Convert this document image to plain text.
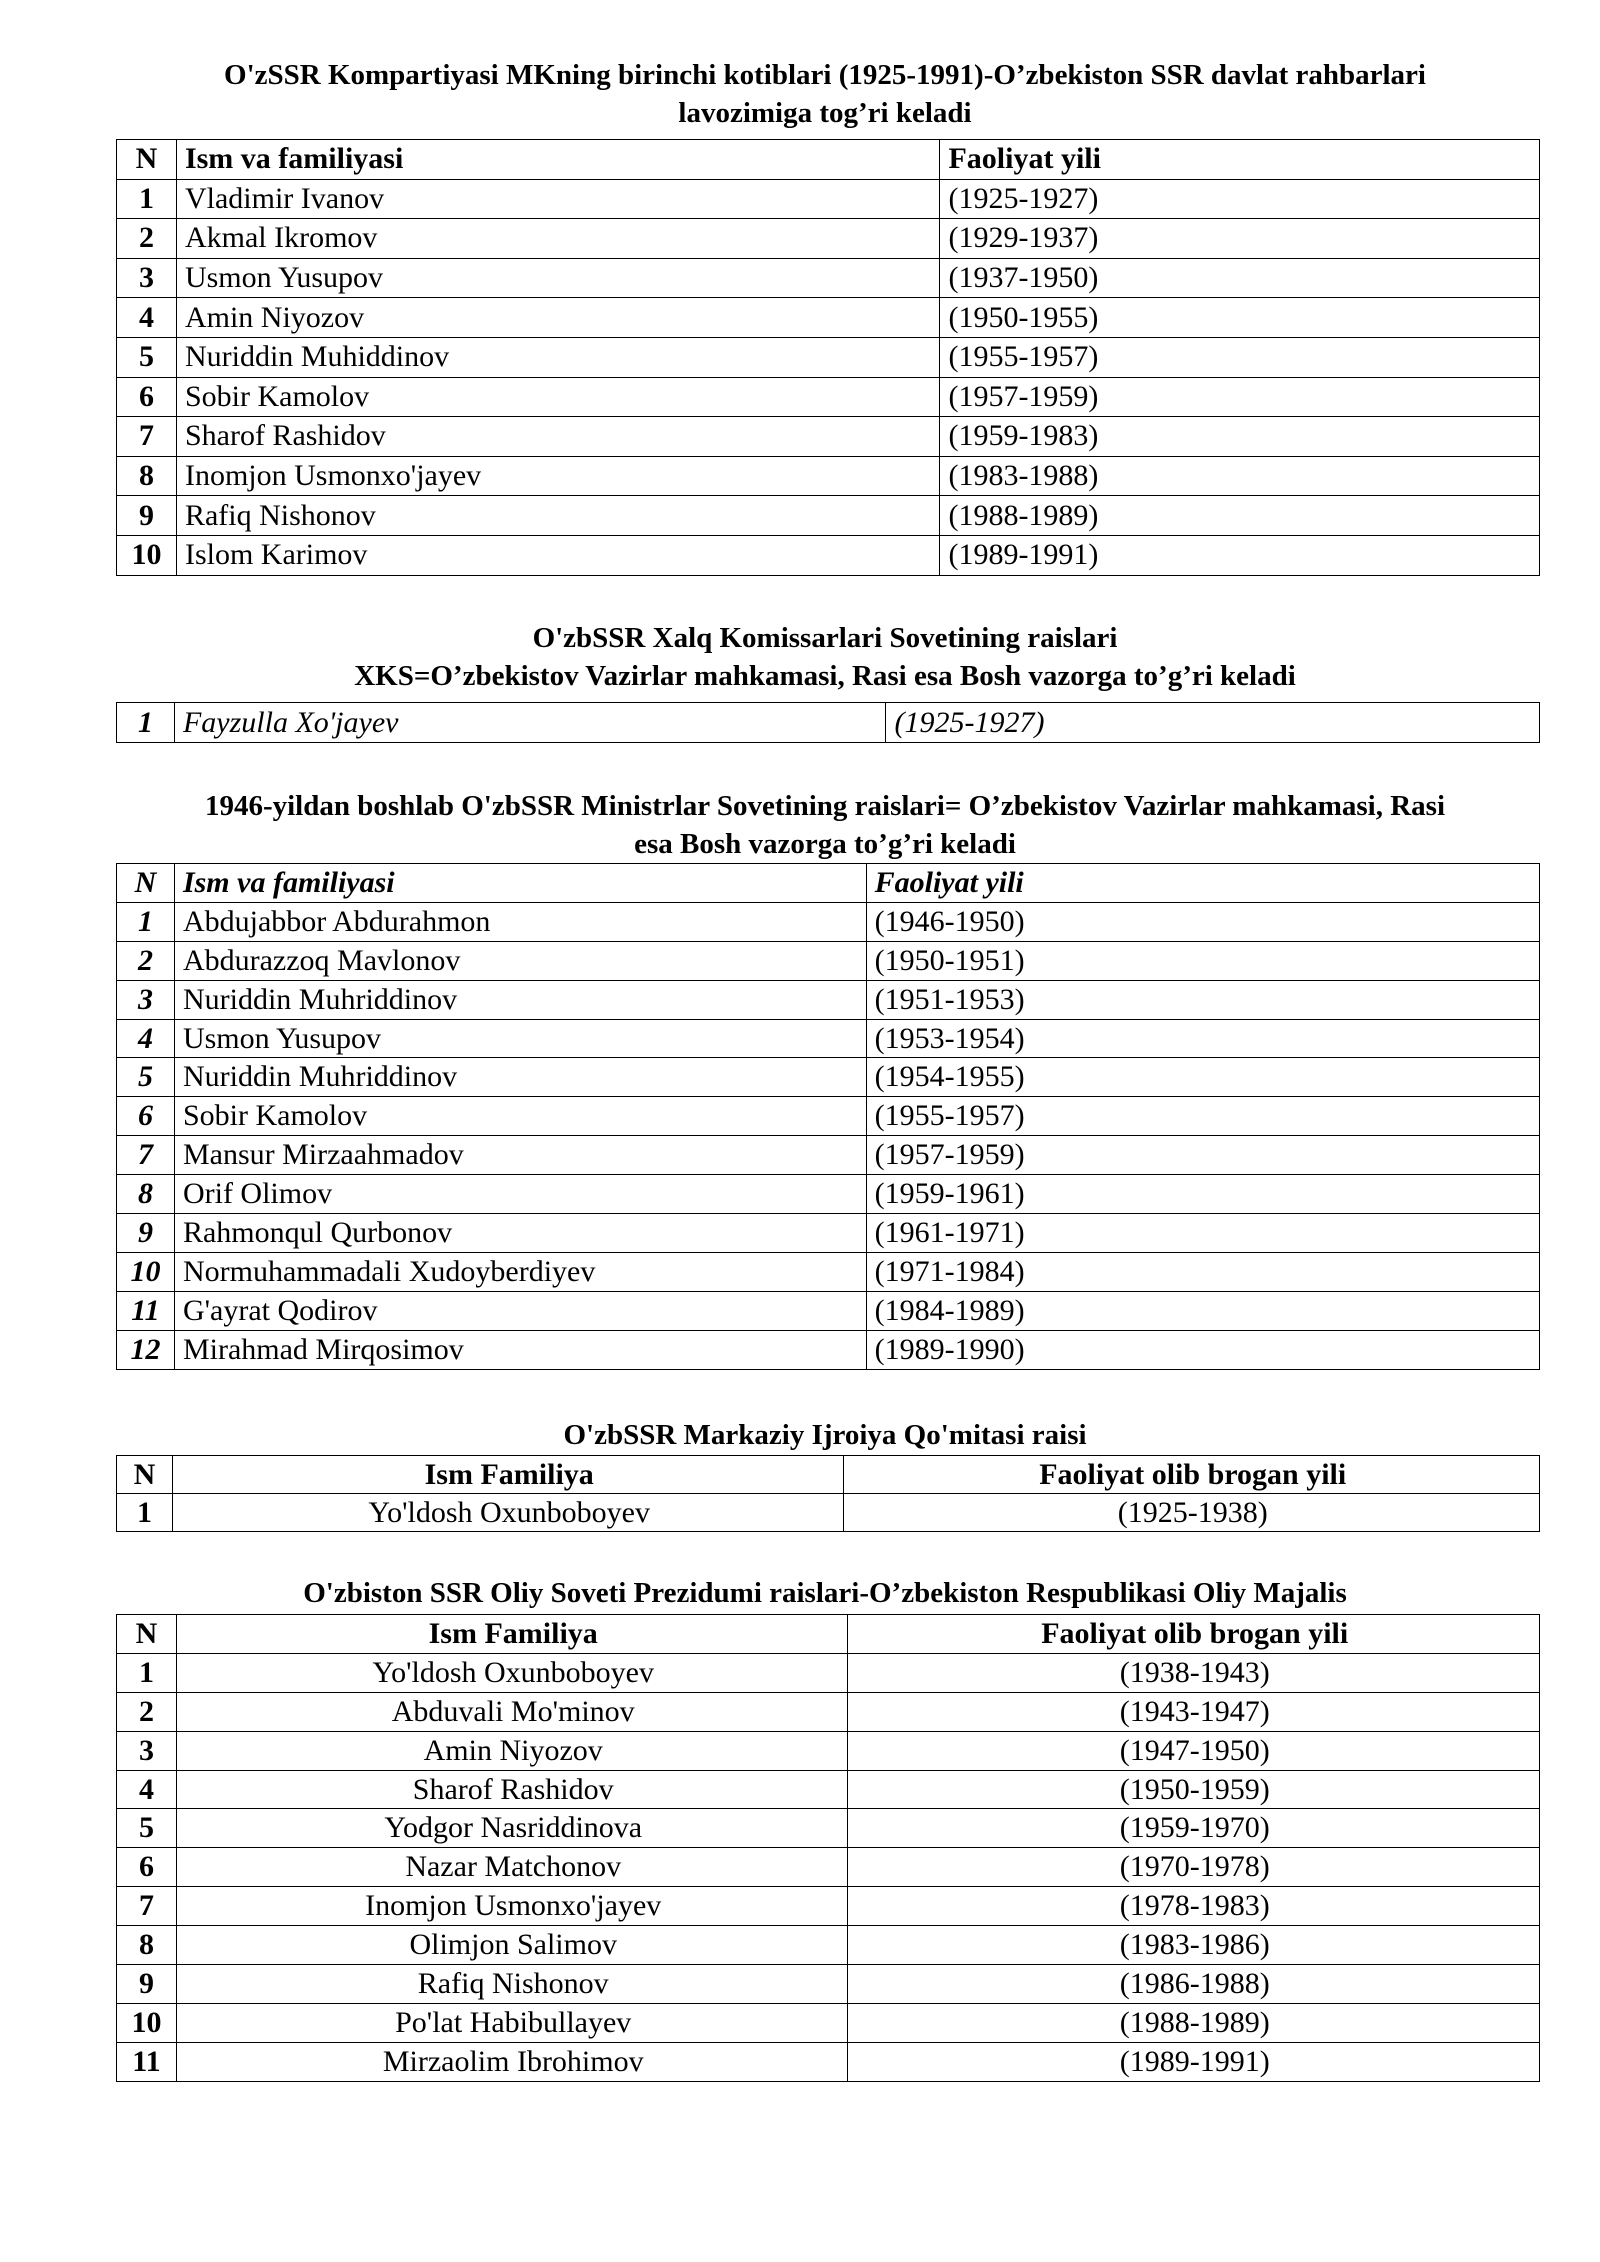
O'zSSR Kompartiyasi MKning birinchi kotiblari (1925-1991)-O’zbekiston SSR davlat rahbarlari
lavozimiga tog’ri keladi
N	Ism va familiyasi	Faoliyat yili
1	Vladimir Ivanov	(1925-1927)
2	Akmal Ikromov	(1929-1937)
3	Usmon Yusupov	(1937-1950)
4	Amin Niyozov	(1950-1955)
5	Nuriddin Muhiddinov	(1955-1957)
6	Sobir Kamolov	(1957-1959)
7	Sharof Rashidov	(1959-1983)
8	Inomjon Usmonxo'jayev	(1983-1988)
9	Rafiq Nishonov	(1988-1989)
10	Islom Karimov	(1989-1991)
O'zbSSR Xalq Komissarlari Sovetining raislari
XKS=O’zbekistov Vazirlar mahkamasi, Rasi esa Bosh vazorga to’g’ri keladi
1	Fayzulla Xo'jayev	(1925-1927)
1946-yildan boshlab O'zbSSR Ministrlar Sovetining raislari= O’zbekistov Vazirlar mahkamasi, Rasi
esa Bosh vazorga to’g’ri keladi
N	Ism va familiyasi	Faoliyat yili
1	Abdujabbor Abdurahmon	(1946-1950)
2	Abdurazzoq Mavlonov	(1950-1951)
3	Nuriddin Muhriddinov	(1951-1953)
4	Usmon Yusupov	(1953-1954)
5	Nuriddin Muhriddinov	(1954-1955)
6	Sobir Kamolov	(1955-1957)
7	Mansur Mirzaahmadov	(1957-1959)
8	Orif Olimov	(1959-1961)
9	Rahmonqul Qurbonov	(1961-1971)
10	Normuhammadali Xudoyberdiyev	(1971-1984)
11	G'ayrat Qodirov	(1984-1989)
12	Mirahmad Mirqosimov	(1989-1990)
O'zbSSR Markaziy Ijroiya Qo'mitasi raisi
N	Ism Familiya	Faoliyat olib brogan yili
1	Yo'ldosh Oxunboboyev	(1925-1938)
O'zbiston SSR Oliy Soveti Prezidumi raislari-O’zbekiston Respublikasi Oliy Majalis
N	Ism Familiya	Faoliyat olib brogan yili
1	Yo'ldosh Oxunboboyev	(1938-1943)
2	Abduvali Mo'minov	(1943-1947)
3	Amin Niyozov	(1947-1950)
4	Sharof Rashidov	(1950-1959)
5	Yodgor Nasriddinova	(1959-1970)
6	Nazar Matchonov	(1970-1978)
7	Inomjon Usmonxo'jayev	(1978-1983)
8	Olimjon Salimov	(1983-1986)
9	Rafiq Nishonov	(1986-1988)
10	Po'lat Habibullayev	(1988-1989)
11	Mirzaolim Ibrohimov	(1989-1991)
